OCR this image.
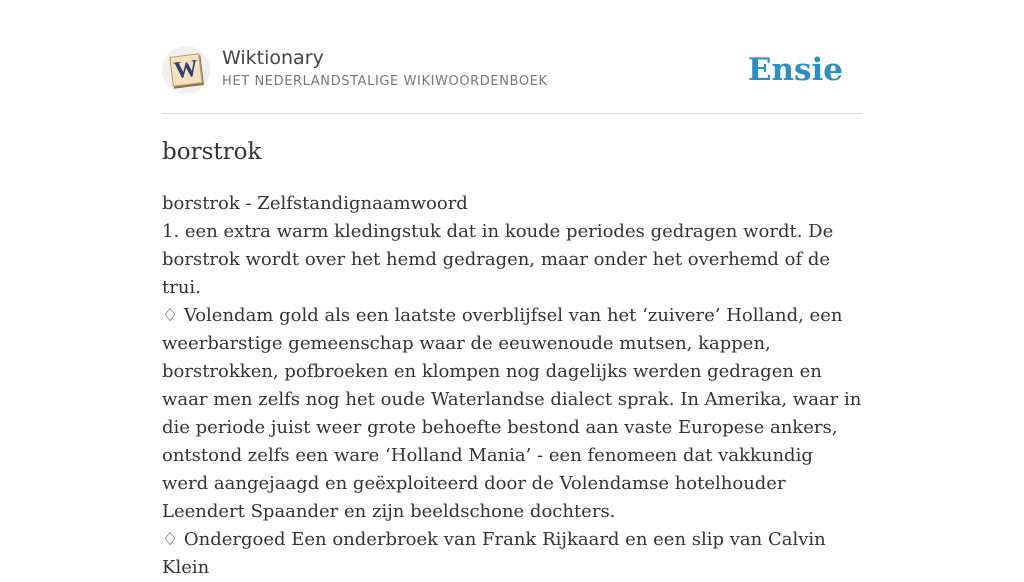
W Wiktionary
HET NEDERLANDSTALIGE WIKIWOORDENBOEK	Ensie
borstrok

borstrok - Zelfstandignaamwoord

1. een extra warm kledingstuk dat in koude periodes gedragen wordt. De borstrok wordt over het hemd gedragen, maar onder het overhemd of de trui.

♢ Volendam gold als een laatste overblijfsel van het ‘zuivere’ Holland, een weerbarstige gemeenschap waar de eeuwenoude mutsen, kappen, borstrokken, pofbroeken en klompen nog dagelijks werden gedragen en waar men zelfs nog het oude Waterlandse dialect sprak. In Amerika, waar in die periode juist weer grote behoefte bestond aan vaste Europese ankers, ontstond zelfs een ware ‘Holland Mania’ - een fenomeen dat vakkundig werd aangejaagd en geëxploiteerd door de Volendamse hotelhouder Leendert Spaander en zijn beeldschone dochters.

♢ Ondergoed Een onderbroek van Frank Rijkaard en een slip van Calvin Klein
